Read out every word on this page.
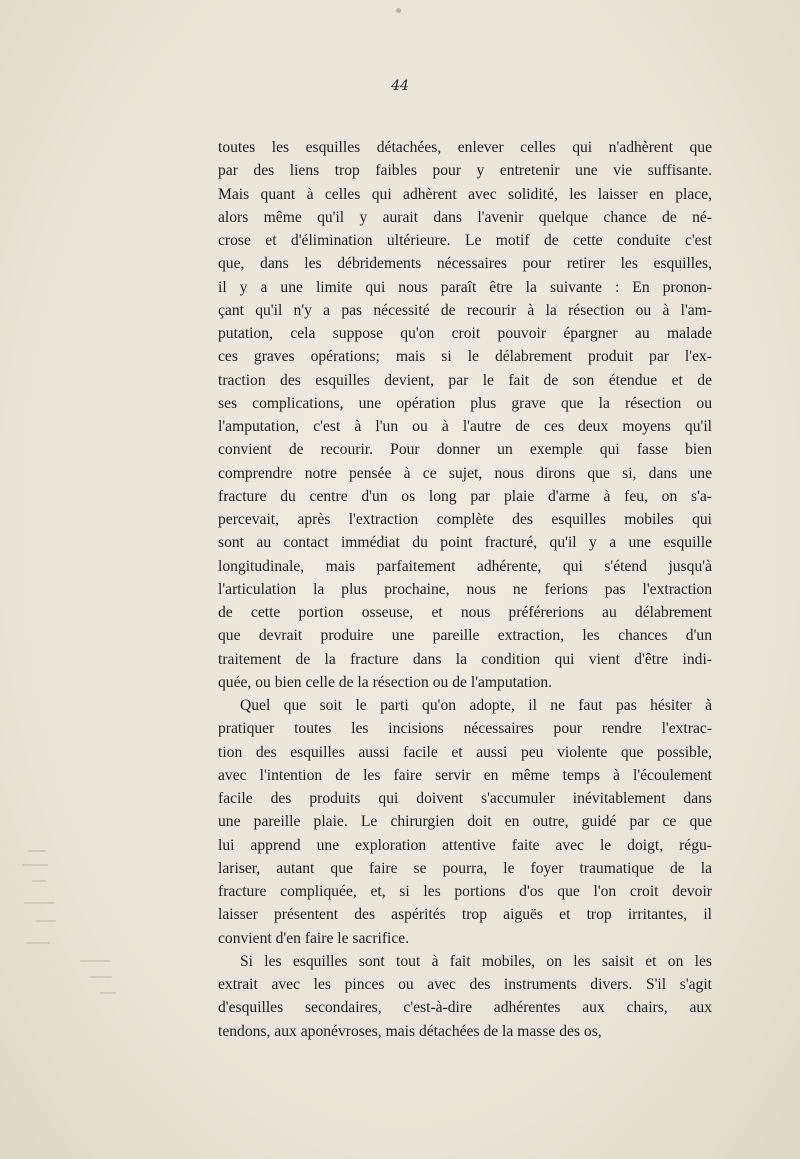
44
toutes les esquilles détachées, enlever celles qui n'adhèrent que
par des liens trop faibles pour y entretenir une vie suffisante.
Mais quant à celles qui adhèrent avec solidité, les laisser en place,
alors même qu'il y aurait dans l'avenir quelque chance de né-
crose et d'élimination ultérieure. Le motif de cette conduite c'est
que, dans les débridements nécessaires pour retirer les esquilles,
il y a une limite qui nous paraît être la suivante : En pronon-
çant qu'il n'y a pas nécessité de recourir à la résection ou à l'am-
putation, cela suppose qu'on croit pouvoir épargner au malade
ces graves opérations; mais si le délabrement produit par l'ex-
traction des esquilles devient, par le fait de son étendue et de
ses complications, une opération plus grave que la résection ou
l'amputation, c'est à l'un ou à l'autre de ces deux moyens qu'il
convient de recourir. Pour donner un exemple qui fasse bien
comprendre notre pensée à ce sujet, nous dirons que si, dans une
fracture du centre d'un os long par plaie d'arme à feu, on s'a-
percevait, après l'extraction complète des esquilles mobiles qui
sont au contact immédiat du point fracturé, qu'il y a une esquille
longitudinale, mais parfaitement adhérente, qui s'étend jusqu'à
l'articulation la plus prochaine, nous ne ferions pas l'extraction
de cette portion osseuse, et nous préférerions au délabrement
que devrait produire une pareille extraction, les chances d'un
traitement de la fracture dans la condition qui vient d'être indi-
quée, ou bien celle de la résection ou de l'amputation.
Quel que soit le parti qu'on adopte, il ne faut pas hésiter à
pratiquer toutes les incisions nécessaires pour rendre l'extrac-
tion des esquilles aussi facile et aussi peu violente que possible,
avec l'intention de les faire servir en même temps à l'écoulement
facile des produits qui doivent s'accumuler inévitablement dans
une pareille plaie. Le chirurgien doit en outre, guidé par ce que
lui apprend une exploration attentive faite avec le doigt, régu-
lariser, autant que faire se pourra, le foyer traumatique de la
fracture compliquée, et, si les portions d'os que l'on croit devoir
laisser présentent des aspérités trop aiguës et trop irritantes, il
convient d'en faire le sacrifice.
Si les esquilles sont tout à fait mobiles, on les saisit et on les
extrait avec les pinces ou avec des instruments divers. S'il s'agit
d'esquilles secondaires, c'est-à-dire adhérentes aux chairs, aux
tendons, aux aponévroses, mais détachées de la masse des os,
